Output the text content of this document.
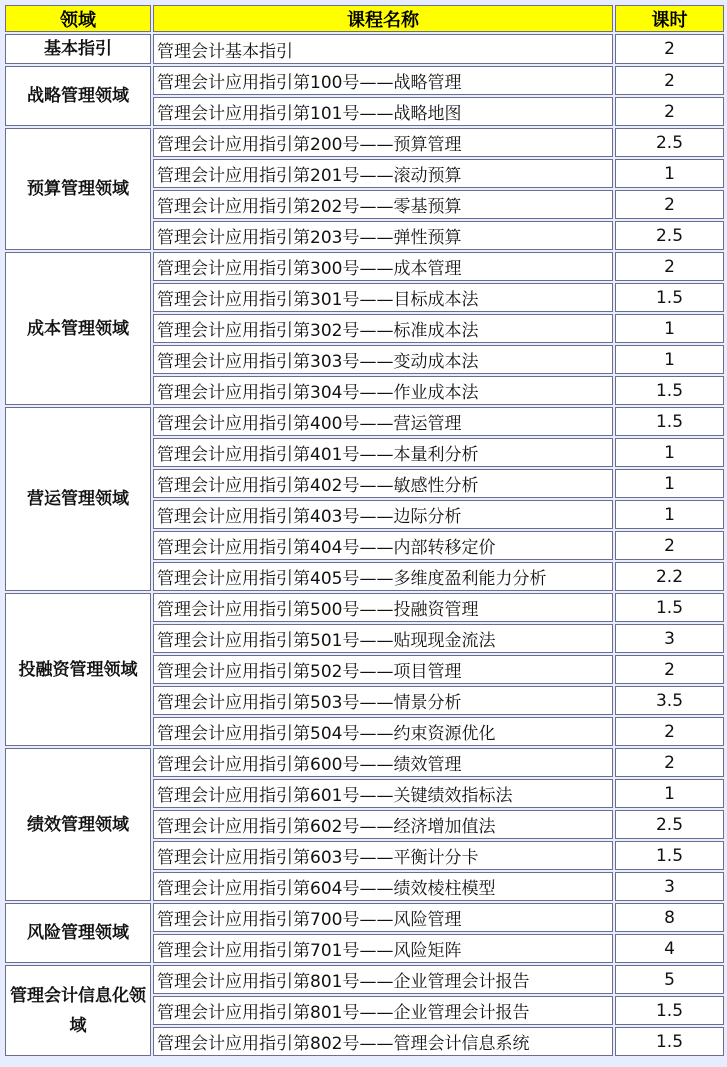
领域	课程名称	课时
基本指引	管理会计基本指引	2
战略管理领域	管理会计应用指引第100号——战略管理	2
	管理会计应用指引第101号——战略地图	2
预算管理领域	管理会计应用指引第200号——预算管理	2.5
	管理会计应用指引第201号——滚动预算	1
	管理会计应用指引第202号——零基预算	2
	管理会计应用指引第203号——弹性预算	2.5
成本管理领域	管理会计应用指引第300号——成本管理	2
	管理会计应用指引第301号——目标成本法	1.5
	管理会计应用指引第302号——标准成本法	1
	管理会计应用指引第303号——变动成本法	1
	管理会计应用指引第304号——作业成本法	1.5
营运管理领域	管理会计应用指引第400号——营运管理	1.5
	管理会计应用指引第401号——本量利分析	1
	管理会计应用指引第402号——敏感性分析	1
	管理会计应用指引第403号——边际分析	1
	管理会计应用指引第404号——内部转移定价	2
	管理会计应用指引第405号——多维度盈利能力分析	2.2
投融资管理领域	管理会计应用指引第500号——投融资管理	1.5
	管理会计应用指引第501号——贴现现金流法	3
	管理会计应用指引第502号——项目管理	2
	管理会计应用指引第503号——情景分析	3.5
	管理会计应用指引第504号——约束资源优化	2
绩效管理领域	管理会计应用指引第600号——绩效管理	2
	管理会计应用指引第601号——关键绩效指标法	1
	管理会计应用指引第602号——经济增加值法	2.5
	管理会计应用指引第603号——平衡计分卡	1.5
	管理会计应用指引第604号——绩效棱柱模型	3
风险管理领域	管理会计应用指引第700号——风险管理	8
	管理会计应用指引第701号——风险矩阵	4
管理会计信息化领域	管理会计应用指引第801号——企业管理会计报告	5
	管理会计应用指引第801号——企业管理会计报告	1.5
	管理会计应用指引第802号——管理会计信息系统	1.5
